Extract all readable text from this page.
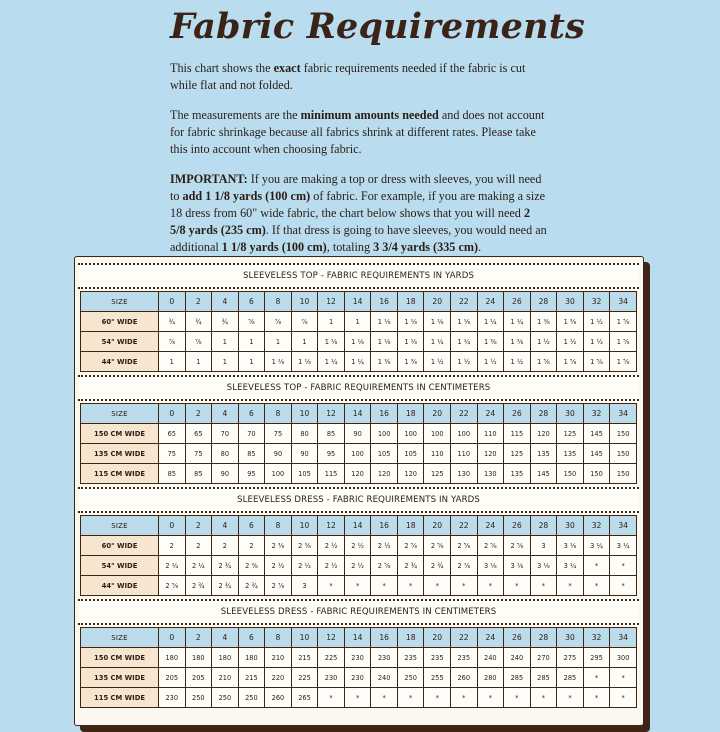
Fabric Requirements

This chart shows the exact fabric requirements needed if the fabric is cut while flat and not folded.

The measurements are the minimum amounts needed and does not account for fabric shrinkage because all fabrics shrink at different rates. Please take this into account when choosing fabric.

IMPORTANT: If you are making a top or dress with sleeves, you will need to add 1 1/8 yards (100 cm) of fabric. For example, if you are making a size 18 dress from 60" wide fabric, the chart below shows that you will need 2 5/8 yards (235 cm). If that dress is going to have sleeves, you would need an additional 1 1/8 yards (100 cm), totaling 3 3/4 yards (335 cm).

SLEEVELESS TOP - FABRIC REQUIREMENTS IN YARDS
SIZE	0	2	4	6	8	10	12	14	16	18	20	22	24	26	28	30	32	34
60" WIDE	¾	¾	¾	⅝	⅞	⅞	1	1	1 ⅛	1 ⅛	1 ⅛	1 ⅛	1 ¼	1 ¼	1 ⅜	1 ⅜	1 ½	1 ⅝
54" WIDE	⅞	⅞	1	1	1	1	1 ⅛	1 ⅛	1 ⅛	1 ⅛	1 ¼	1 ¼	1 ⅜	1 ⅜	1 ½	1 ½	1 ½	1 ⅝
44" WIDE	1	1	1	1	1 ⅛	1 ⅛	1 ¼	1 ¼	1 ⅜	1 ⅜	1 ½	1 ½	1 ½	1 ½	1 ⅝	1 ⅝	1 ⅝	1 ⅝
SLEEVELESS TOP - FABRIC REQUIREMENTS IN CENTIMETERS
SIZE	0	2	4	6	8	10	12	14	16	18	20	22	24	26	28	30	32	34
150 CM WIDE	65	65	70	70	75	80	85	90	100	100	100	100	110	115	120	125	145	150
135 CM WIDE	75	75	80	85	90	90	95	100	105	105	110	110	120	125	135	135	145	150
115 CM WIDE	85	85	90	95	100	105	115	120	120	120	125	130	130	135	145	150	150	150
SLEEVELESS DRESS - FABRIC REQUIREMENTS IN YARDS
SIZE	0	2	4	6	8	10	12	14	16	18	20	22	24	26	28	30	32	34
60" WIDE	2	2	2	2	2 ⅜	2 ⅜	2 ½	2 ½	2 ½	2 ⅝	2 ⅝	2 ⅝	2 ⅝	2 ⅝	3	3 ⅛	3 ¼	3 ¼
54" WIDE	2 ¼	2 ¼	2 ¾	2 ⅜	2 ½	2 ½	2 ½	2 ½	2 ⅝	2 ¾	2 ¾	2 ⅞	3 ⅛	3 ⅛	3 ⅛	3 ¼	*	*
44" WIDE	2 ⅝	2 ¾	2 ¾	2 ¾	2 ⅞	3	*	*	*	*	*	*	*	*	*	*	*	*
SLEEVELESS DRESS - FABRIC REQUIREMENTS IN CENTIMETERS
SIZE	0	2	4	6	8	10	12	14	16	18	20	22	24	26	28	30	32	34
150 CM WIDE	180	180	180	180	210	215	225	230	230	235	235	235	240	240	270	275	295	300
135 CM WIDE	205	205	210	215	220	225	230	230	240	250	255	260	280	285	285	285	*	*
115 CM WIDE	230	250	250	250	260	265	*	*	*	*	*	*	*	*	*	*	*	*
